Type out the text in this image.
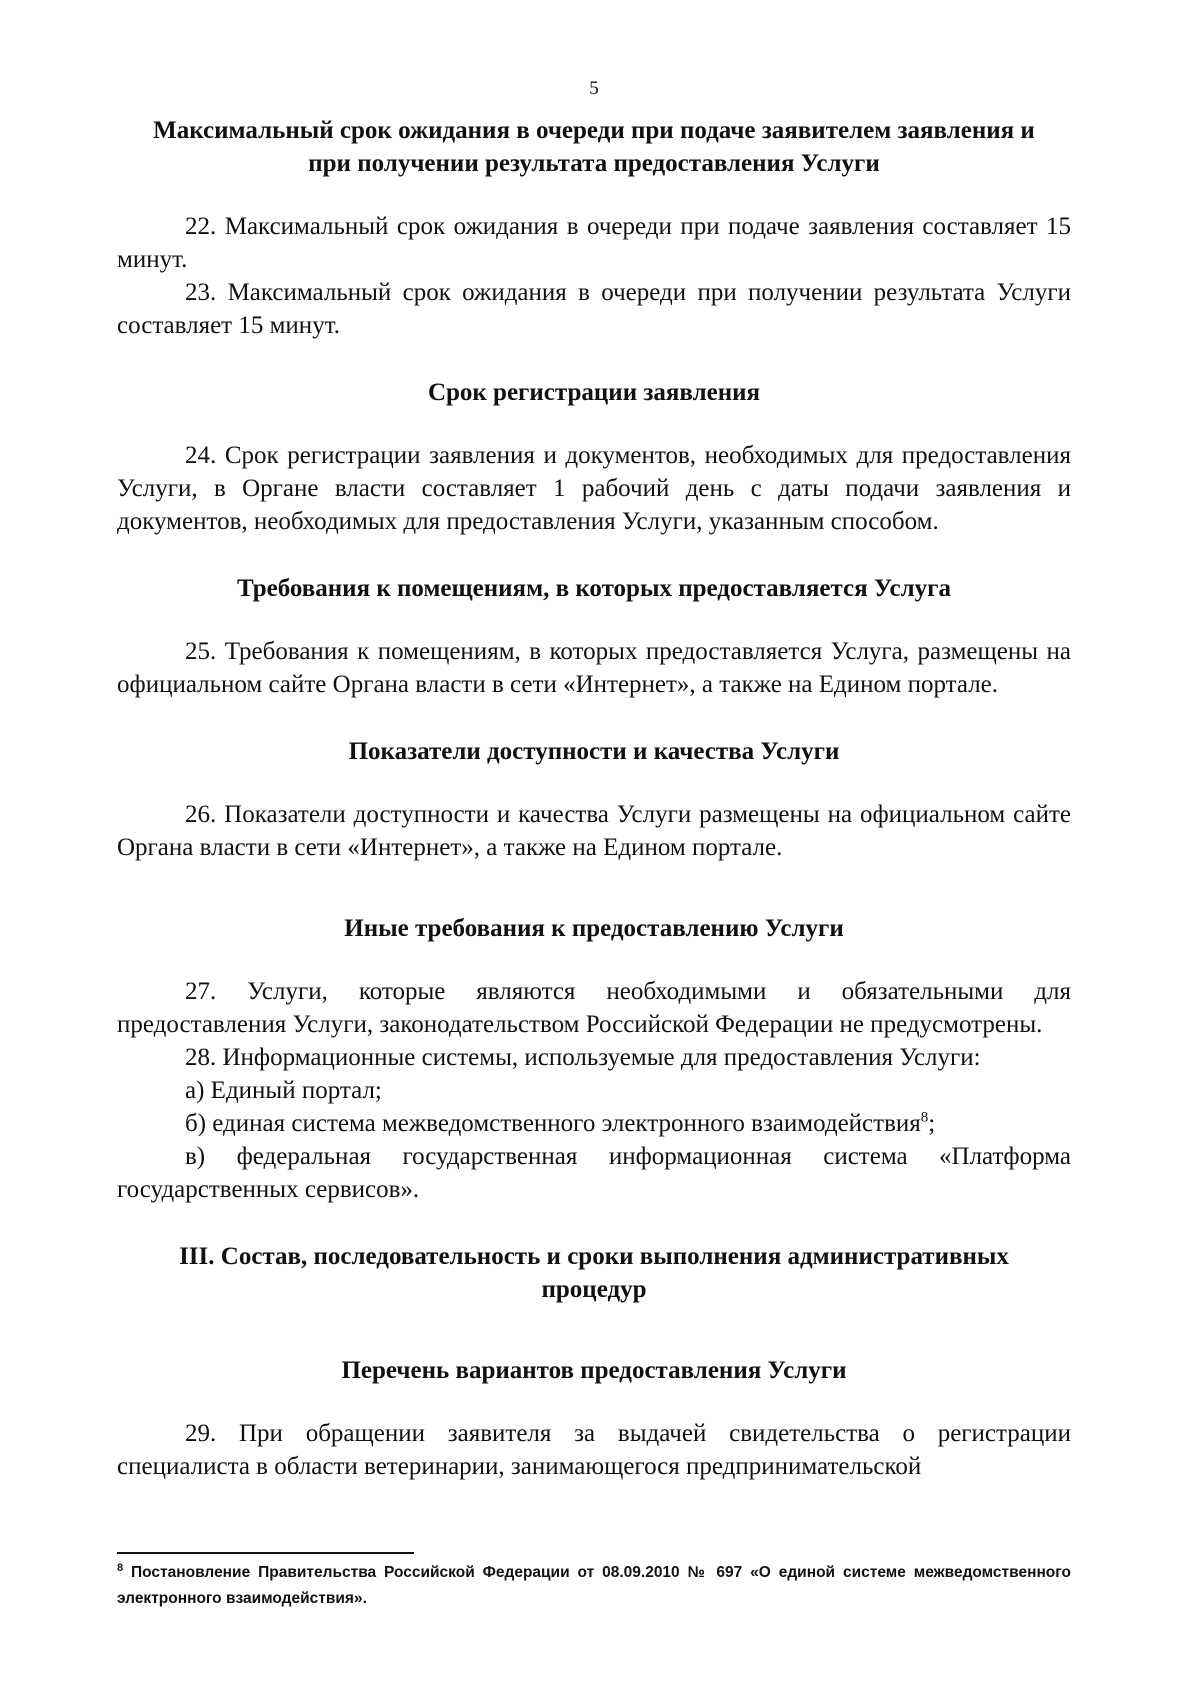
5
Максимальный срок ожидания в очереди при подаче заявителем заявления и
при получении результата предоставления Услуги

22. Максимальный срок ожидания в очереди при подаче заявления составляет 15 минут.

23. Максимальный срок ожидания в очереди при получении результата Услуги составляет 15 минут.

Срок регистрации заявления

24. Срок регистрации заявления и документов, необходимых для предоставления Услуги, в Органе власти составляет 1 рабочий день с даты подачи заявления и документов, необходимых для предоставления Услуги, указанным способом.

Требования к помещениям, в которых предоставляется Услуга

25. Требования к помещениям, в которых предоставляется Услуга, размещены на официальном сайте Органа власти в сети «Интернет», а также на Едином портале.

Показатели доступности и качества Услуги

26. Показатели доступности и качества Услуги размещены на официальном сайте Органа власти в сети «Интернет», а также на Едином портале.

Иные требования к предоставлению Услуги

27. Услуги, которые являются необходимыми и обязательными для предоставления Услуги, законодательством Российской Федерации не предусмотрены.

28. Информационные системы, используемые для предоставления Услуги:

а) Единый портал;

б) единая система межведомственного электронного взаимодействия$^8$;

в) федеральная государственная информационная система «Платформа государственных сервисов».

III. Состав, последовательность и сроки выполнения административных
процедур
Перечень вариантов предоставления Услуги

29. При обращении заявителя за выдачей свидетельства о регистрации специалиста в области ветеринарии, занимающегося предпринимательской

$^8$ Постановление Правительства Российской Федерации от 08.09.2010 № 697 «О единой системе межведомственного электронного взаимодействия».
